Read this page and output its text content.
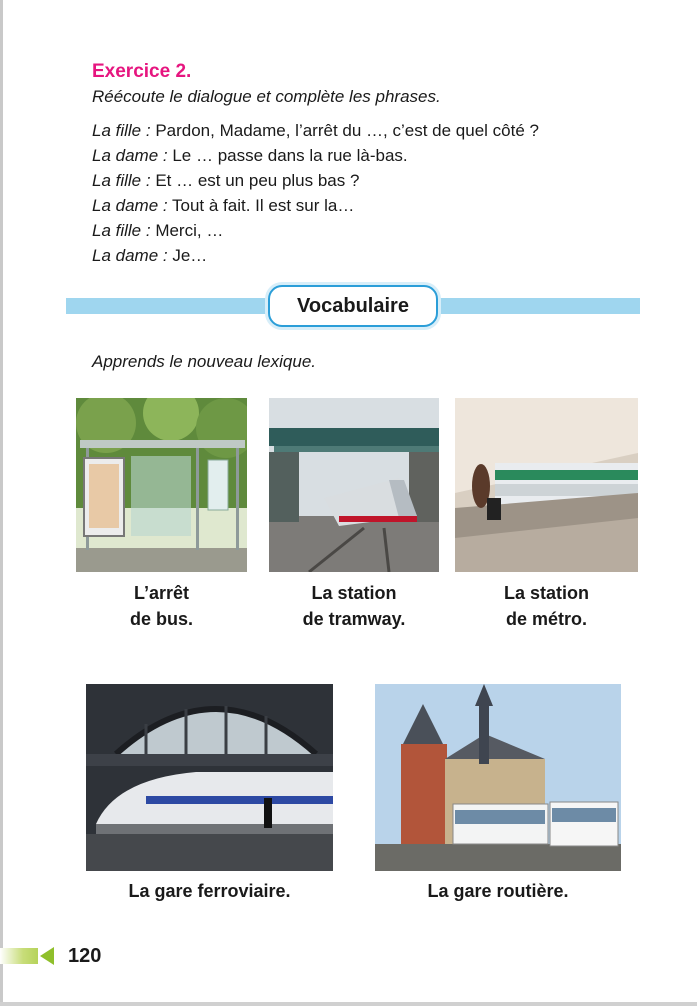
Exercice 2.

Réécoute le dialogue et complète les phrases.

La fille : Pardon, Madame, l’arrêt du …, c’est de quel côté ?

La dame : Le … passe dans la rue là-bas.

La fille : Et … est un peu plus bas ?

La dame : Tout à fait. Il est sur la…

La fille : Merci, …

La dame : Je…

Vocabulaire
Apprends le nouveau lexique.
L’arrêt
de bus.
La station
de tramway.
La station
de métro.
La gare ferroviaire.	La gare routière.
120
